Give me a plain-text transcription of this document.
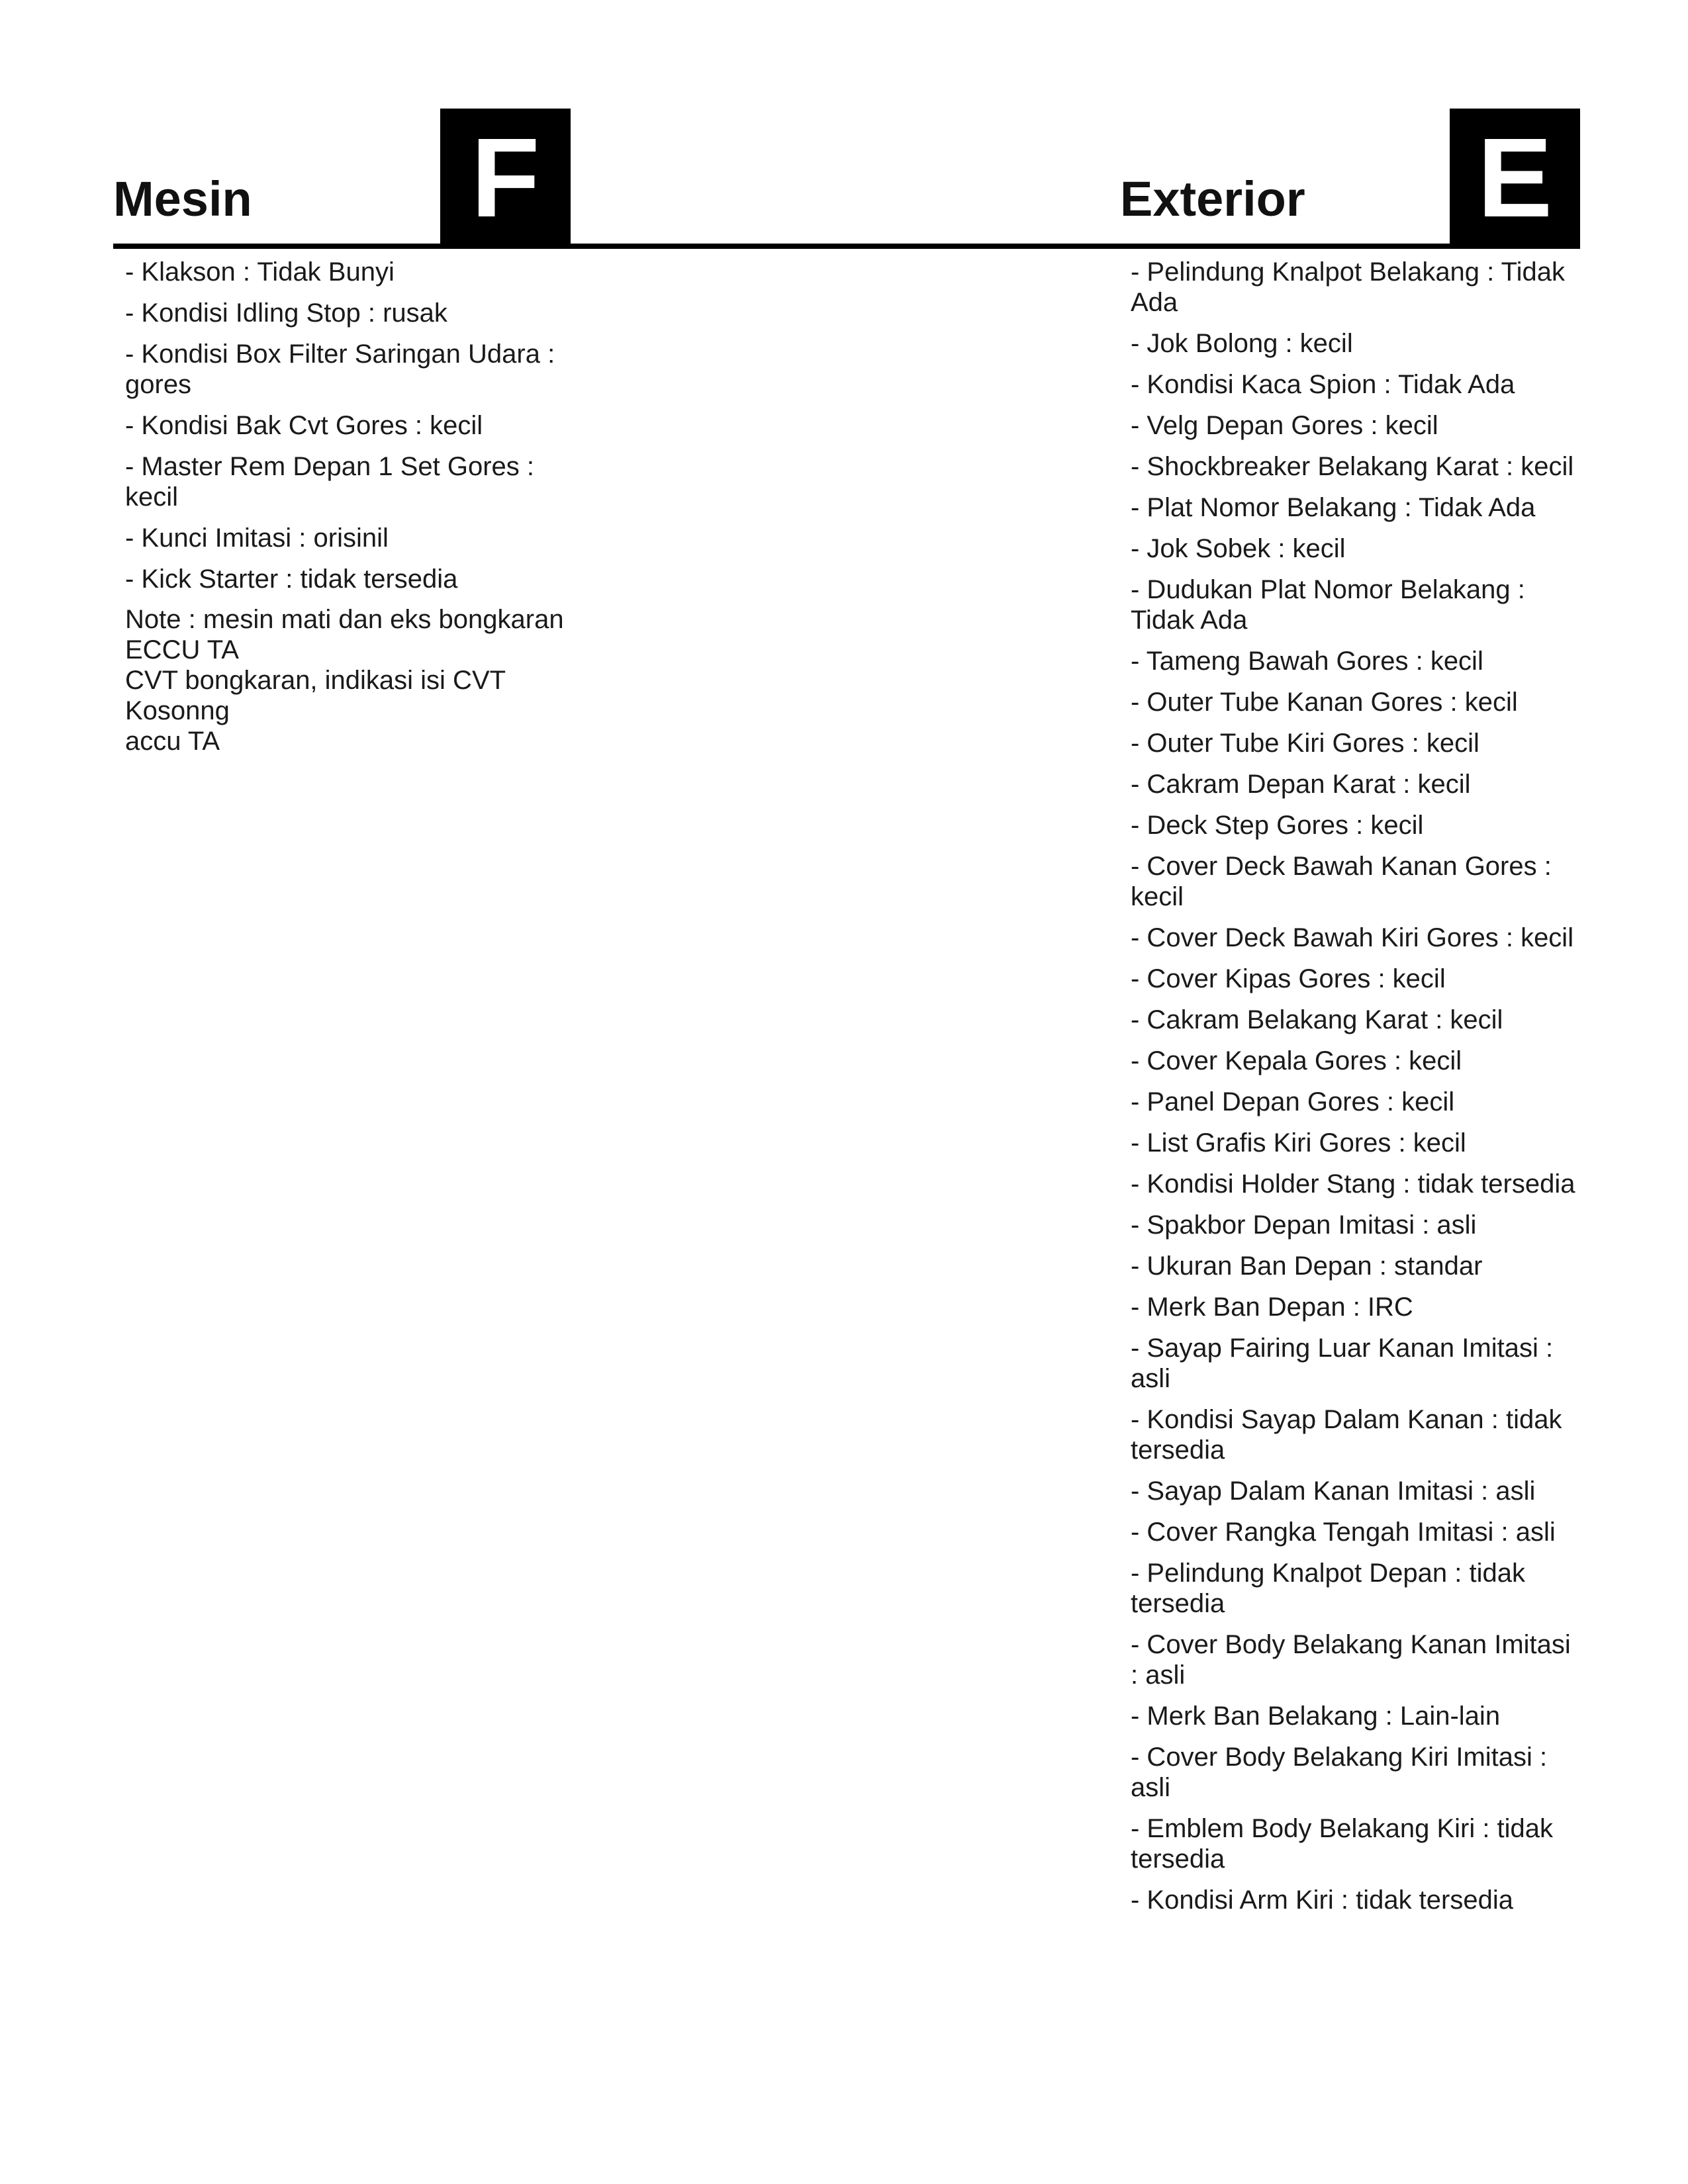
Mesin F	Exterior E
- Klakson : Tidak Bunyi
- Kondisi Idling Stop : rusak
- Kondisi Box Filter Saringan Udara : gores
- Kondisi Bak Cvt Gores : kecil
- Master Rem Depan 1 Set Gores : kecil
- Kunci Imitasi : orisinil
- Kick Starter : tidak tersedia
Note : mesin mati dan eks bongkaran
ECCU TA
CVT bongkaran, indikasi isi CVT Kosonng
accu TA
- Pelindung Knalpot Belakang : Tidak Ada
- Jok Bolong : kecil
- Kondisi Kaca Spion : Tidak Ada
- Velg Depan Gores : kecil
- Shockbreaker Belakang Karat : kecil
- Plat Nomor Belakang : Tidak Ada
- Jok Sobek : kecil
- Dudukan Plat Nomor Belakang : Tidak Ada
- Tameng Bawah Gores : kecil
- Outer Tube Kanan Gores : kecil
- Outer Tube Kiri Gores : kecil
- Cakram Depan Karat : kecil
- Deck Step Gores : kecil
- Cover Deck Bawah Kanan Gores : kecil
- Cover Deck Bawah Kiri Gores : kecil
- Cover Kipas Gores : kecil
- Cakram Belakang Karat : kecil
- Cover Kepala Gores : kecil
- Panel Depan Gores : kecil
- List Grafis Kiri Gores : kecil
- Kondisi Holder Stang : tidak tersedia
- Spakbor Depan Imitasi : asli
- Ukuran Ban Depan : standar
- Merk Ban Depan : IRC
- Sayap Fairing Luar Kanan Imitasi : asli
- Kondisi Sayap Dalam Kanan : tidak tersedia
- Sayap Dalam Kanan Imitasi : asli
- Cover Rangka Tengah Imitasi : asli
- Pelindung Knalpot Depan : tidak tersedia
- Cover Body Belakang Kanan Imitasi : asli
- Merk Ban Belakang : Lain-lain
- Cover Body Belakang Kiri Imitasi : asli
- Emblem Body Belakang Kiri : tidak tersedia
- Kondisi Arm Kiri : tidak tersedia
